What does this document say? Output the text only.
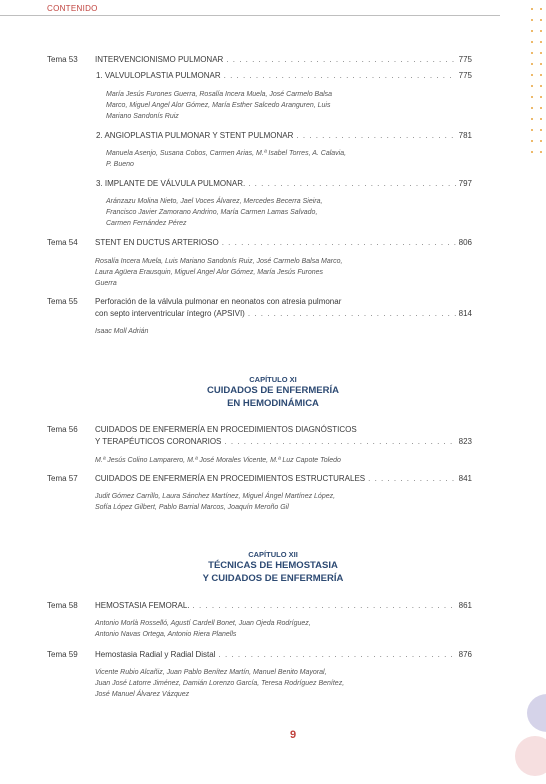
CONTENIDO
Tema 53	INTERVENCIONISMO PULMONAR . . .	775
1. VALVULOPLASTIA PULMONAR . . .	775
María Jesús Furones Guerra, Rosalía Incera Muela, José Carmelo Balsa
Marco, Miguel Angel Alor Gómez, María Esther Salcedo Aranguren, Luis
Mariano Sandonís Ruiz
2. ANGIOPLASTIA PULMONAR Y STENT PULMONAR . . .	781
Manuela Asenjo, Susana Cobos, Carmen Arias, M.ª Isabel Torres, A. Calavia,
P. Bueno
3. IMPLANTE DE VÁLVULA PULMONAR. . . .	797
Aránzazu Molina Nieto, Jael Voces Álvarez, Mercedes Becerra Sieira,
Francisco Javier Zamorano Andrino, María Carmen Lamas Salvado,
Carmen Fernández Pérez
Tema 54	STENT EN DUCTUS ARTERIOSO . . .	806
Rosalía Incera Muela, Luis Mariano Sandonís Ruiz, José Carmelo Balsa Marco,
Laura Agüera Erausquin, Miguel Angel Alor Gómez, María Jesús Furones
Guerra
Tema 55	Perforación de la válvula pulmonar en neonatos con atresia pulmonar
con septo interventricular íntegro (APSIVI) . . .	814
Isaac Moll Adrián
CAPÍTULO XI
CUIDADOS DE ENFERMERÍA
EN HEMODINÁMICA
Tema 56	CUIDADOS DE ENFERMERÍA EN PROCEDIMIENTOS DIAGNÓSTICOS
Y TERAPÉUTICOS CORONARIOS . . .	823
M.ª Jesús Colino Lamparero, M.ª José Morales Vicente, M.ª Luz Capote Toledo
Tema 57	CUIDADOS DE ENFERMERÍA EN PROCEDIMIENTOS ESTRUCTURALES . . .	841
Judit Gómez Carrillo, Laura Sánchez Martínez, Miguel Ángel Martínez López,
Sofía López Gilbert, Pablo Barrial Marcos, Joaquín Meroño Gil
CAPÍTULO XII
TÉCNICAS DE HEMOSTASIA
Y CUIDADOS DE ENFERMERÍA
Tema 58	HEMOSTASIA FEMORAL. . . .	861
Antonio Morlà Rosselló, Agustí Cardell Bonet, Juan Ojeda Rodríguez,
Antonio Navas Ortega, Antonio Riera Planells
Tema 59	Hemostasia Radial y Radial Distal . . .	876
Vicente Rubio Alcañiz, Juan Pablo Benítez Martín, Manuel Benito Mayoral,
Juan José Latorre Jiménez, Damián Lorenzo García, Teresa Rodríguez Benítez,
José Manuel Álvarez Vázquez
9
